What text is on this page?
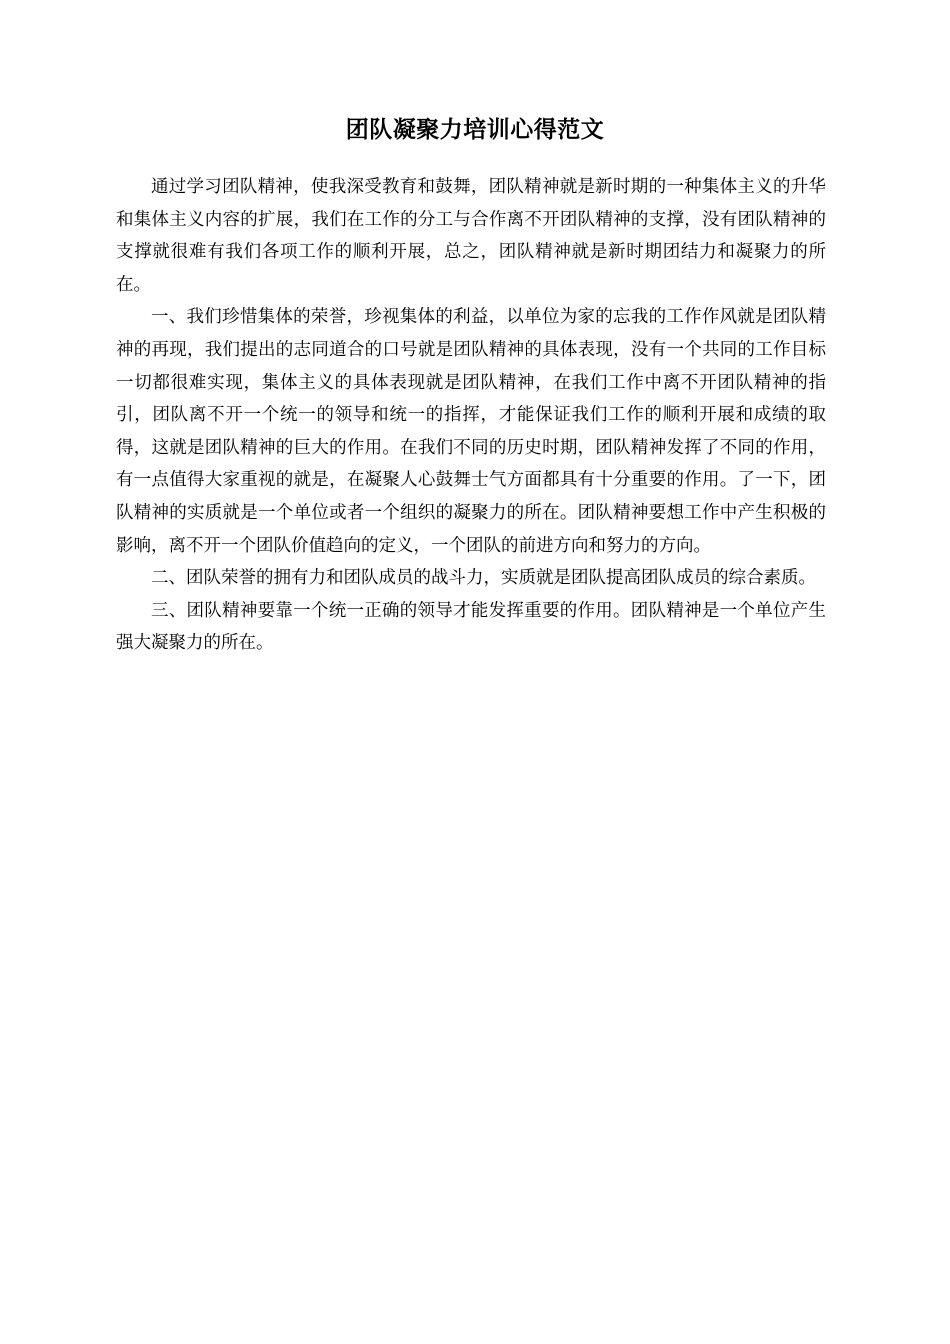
团队凝聚力培训心得范文

通过学习团队精神，使我深受教育和鼓舞，团队精神就是新时期的一种集体主义的升华和集体主义内容的扩展，我们在工作的分工与合作离不开团队精神的支撑，没有团队精神的支撑就很难有我们各项工作的顺利开展，总之，团队精神就是新时期团结力和凝聚力的所在。

一、我们珍惜集体的荣誉，珍视集体的利益，以单位为家的忘我的工作作风就是团队精神的再现，我们提出的志同道合的口号就是团队精神的具体表现，没有一个共同的工作目标一切都很难实现，集体主义的具体表现就是团队精神，在我们工作中离不开团队精神的指引，团队离不开一个统一的领导和统一的指挥，才能保证我们工作的顺利开展和成绩的取得，这就是团队精神的巨大的作用。在我们不同的历史时期，团队精神发挥了不同的作用，有一点值得大家重视的就是，在凝聚人心鼓舞士气方面都具有十分重要的作用。了一下，团队精神的实质就是一个单位或者一个组织的凝聚力的所在。团队精神要想工作中产生积极的影响，离不开一个团队价值趋向的定义，一个团队的前进方向和努力的方向。

二、团队荣誉的拥有力和团队成员的战斗力，实质就是团队提高团队成员的综合素质。

三、团队精神要靠一个统一正确的领导才能发挥重要的作用。团队精神是一个单位产生强大凝聚力的所在。
